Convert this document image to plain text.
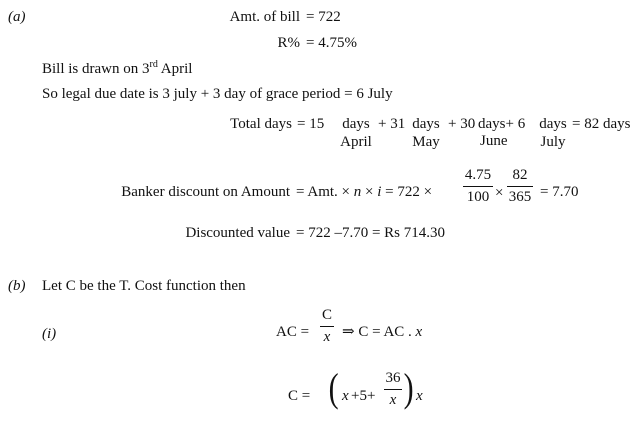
(a)	Amt. of bill = 722
R% = 4.75%
Bill is drawn on 3rd April
So legal due date is 3 july + 3 day of grace period = 6 July
Total days = 15	days
April
+ 31 days
May
+ 30 days+ 6
June
days
July
= 82 days
Banker discount on Amount = Amt. × n × i = 722 ×
4.75
100 ×
82
365 = 7.70
Discounted value = 722 –7.70 = Rs 714.30
(b) Let C be the T. Cost function then
(i)	AC =
C
x ⇒ C = AC . x
C = ( x +5+
36
x ) x
